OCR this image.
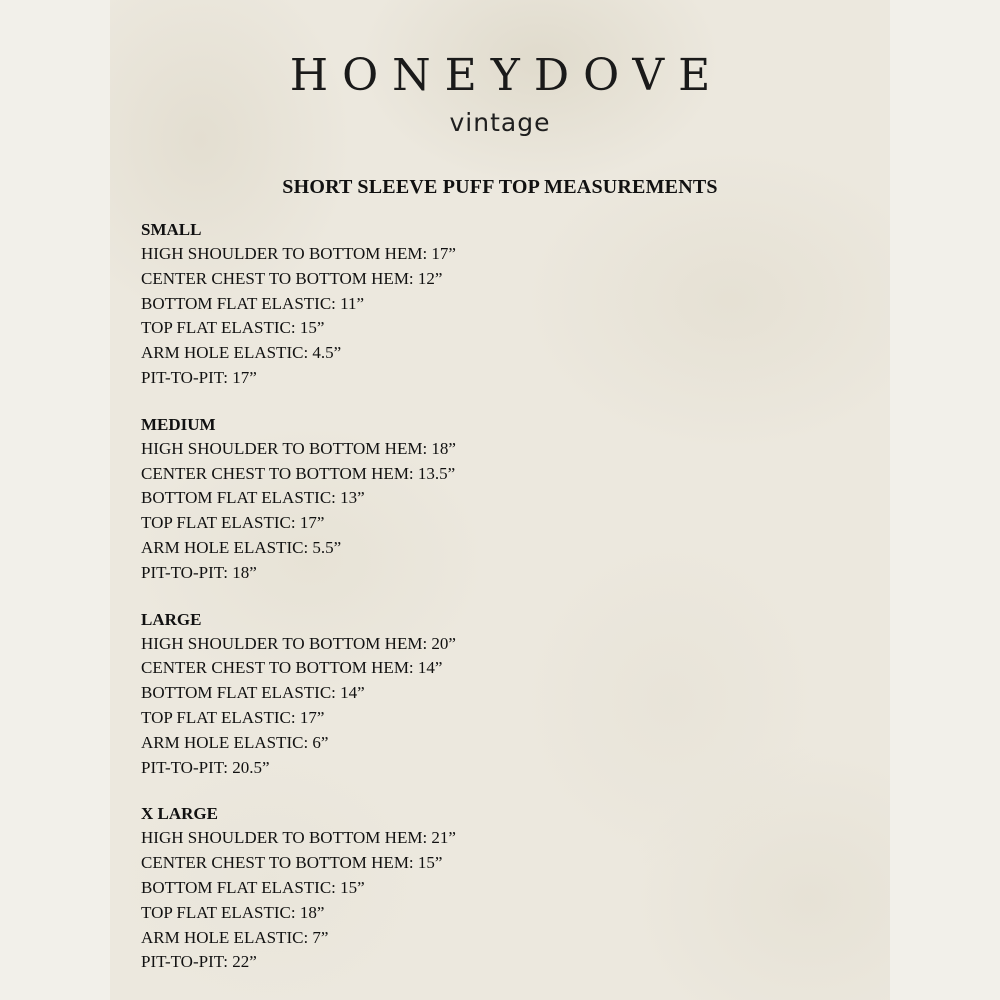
HONEYDOVE
vintage
SHORT SLEEVE PUFF TOP MEASUREMENTS
SMALL
HIGH SHOULDER TO BOTTOM HEM: 17”
CENTER CHEST TO BOTTOM HEM: 12”
BOTTOM FLAT ELASTIC: 11”
TOP FLAT ELASTIC: 15”
ARM HOLE ELASTIC: 4.5”
PIT-TO-PIT: 17”
MEDIUM
HIGH SHOULDER TO BOTTOM HEM: 18”
CENTER CHEST TO BOTTOM HEM: 13.5”
BOTTOM FLAT ELASTIC: 13”
TOP FLAT ELASTIC: 17”
ARM HOLE ELASTIC: 5.5”
PIT-TO-PIT: 18”
LARGE
HIGH SHOULDER TO BOTTOM HEM: 20”
CENTER CHEST TO BOTTOM HEM: 14”
BOTTOM FLAT ELASTIC: 14”
TOP FLAT ELASTIC: 17”
ARM HOLE ELASTIC: 6”
PIT-TO-PIT: 20.5”
X LARGE
HIGH SHOULDER TO BOTTOM HEM: 21”
CENTER CHEST TO BOTTOM HEM: 15”
BOTTOM FLAT ELASTIC: 15”
TOP FLAT ELASTIC: 18”
ARM HOLE ELASTIC: 7”
PIT-TO-PIT: 22”
